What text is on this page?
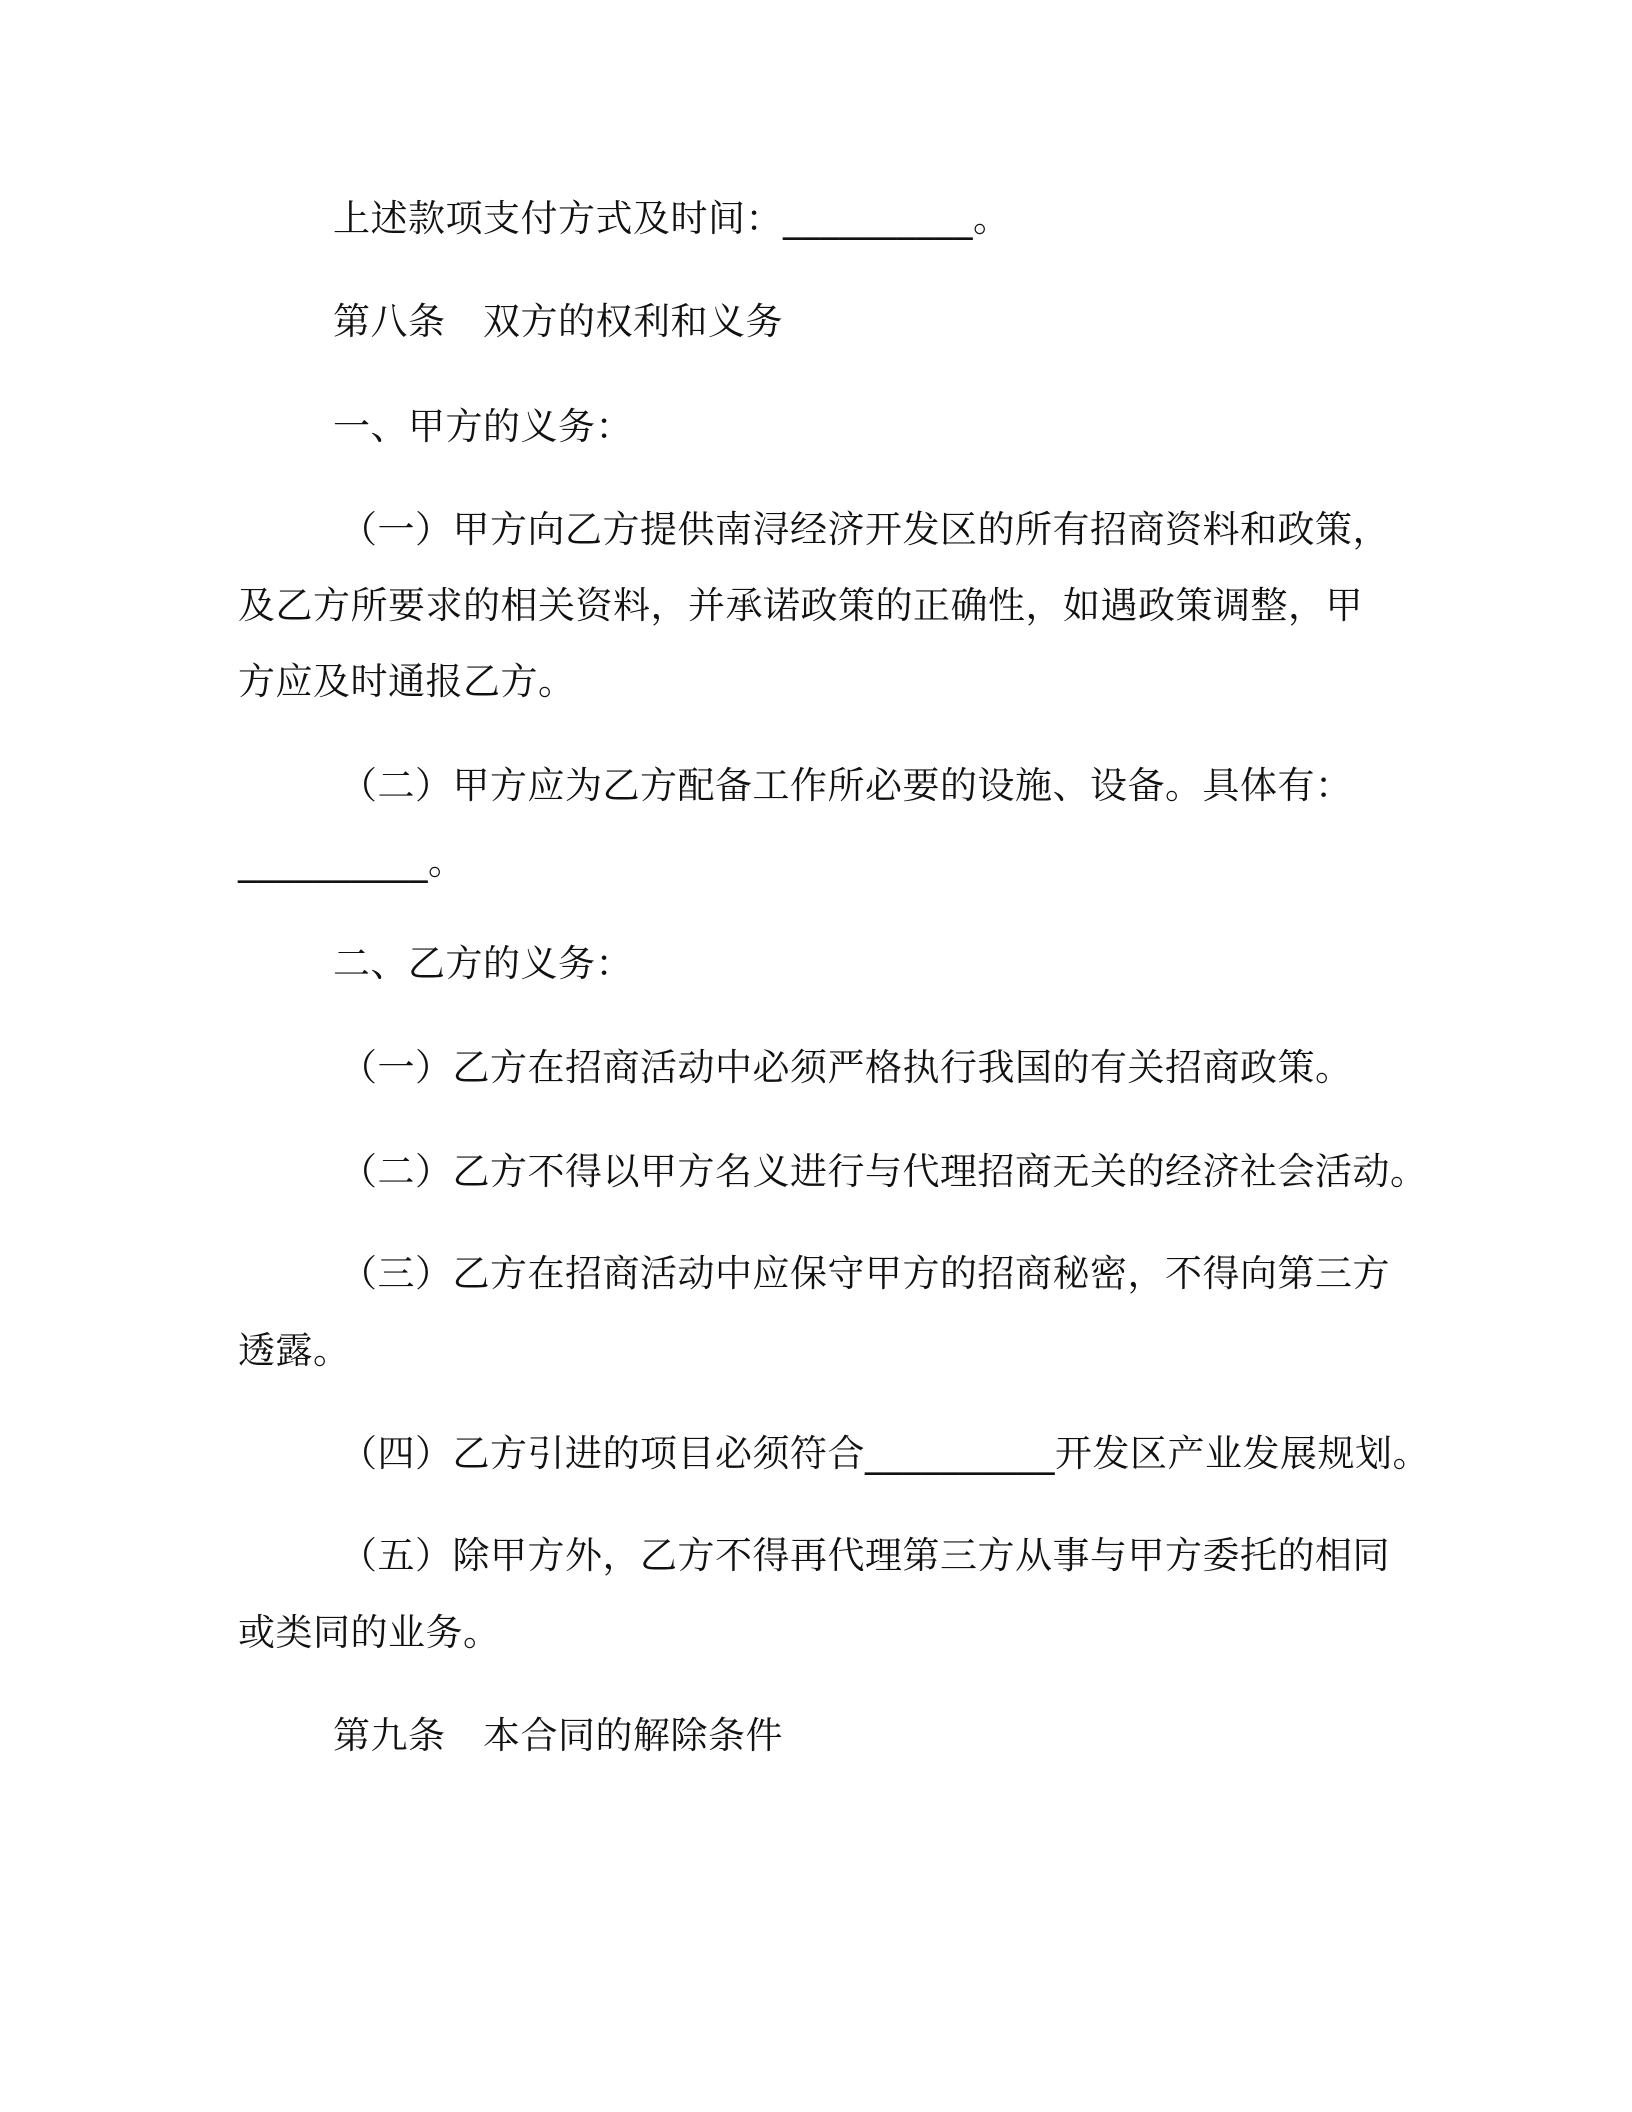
上述款项支付方式及时间：__________。
第八条　双方的权利和义务
一、甲方的义务：
（一）甲方向乙方提供南浔经济开发区的所有招商资料和政策，
及乙方所要求的相关资料，并承诺政策的正确性，如遇政策调整，甲
方应及时通报乙方。
（二）甲方应为乙方配备工作所必要的设施、设备。具体有：
__________。
二、乙方的义务：
（一）乙方在招商活动中必须严格执行我国的有关招商政策。
（二）乙方不得以甲方名义进行与代理招商无关的经济社会活动。
（三）乙方在招商活动中应保守甲方的招商秘密，不得向第三方
透露。
（四）乙方引进的项目必须符合__________开发区产业发展规划。
（五）除甲方外，乙方不得再代理第三方从事与甲方委托的相同
或类同的业务。
第九条　本合同的解除条件
